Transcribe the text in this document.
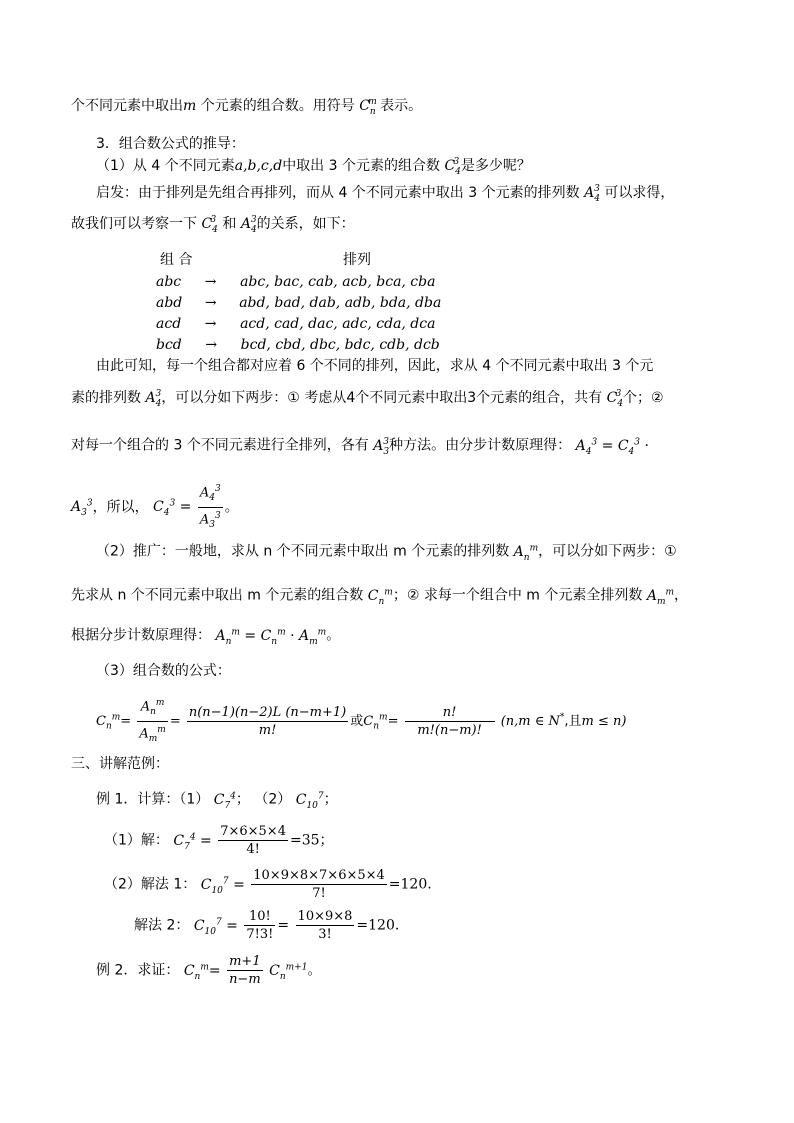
个不同元素中取出m 个元素的组合数。用符号 $C_n$
m 表示。
3．组合数公式的推导：
（1）从 4 个不同元素a,b,c,d中取出 3 个元素的组合数 $C_4$
3 是多少呢？
启发：由于排列是先组合再排列，而从 4 个不同元素中取出 3 个元素的排列数 $A_4$
3 可以求得，
故我们可以考察一下 $C_4$
3 和 $A_4$
3 的关系，如下：
组 合	排列
abc → abc, bac, cab, acb, bca, cba
abd → abd, bad, dab, adb, bda, dba
acd → acd, cad, dac, adc, cda, dca
bcd → bcd, cbd, dbc, bdc, cdb, dcb
由此可知，每一个组合都对应着 6 个不同的排列，因此，求从 4 个不同元素中取出 3 个元
素的排列数 $A_4$
3 ，可以分如下两步：① 考虑从4个不同元素中取出3个元素的组合，共有 $C_4$
3 个；②
对每一个组合的 3 个不同元素进行全排列，各有 $A_3$
3 种方法。由分步计数原理得： $A_4^3 = C_4^3$ ·
$A_3^3$，所以， $C_4^3 = \frac{A_4^3}{A_3^3}$ 。
（2）推广：一般地，求从 n 个不同元素中取出 m 个元素的排列数 $A_n^m$，可以分如下两步：①
先求从 n 个不同元素中取出 m 个元素的组合数 $C_n^m$；② 求每一个组合中 m 个元素全排列数 $A_m^m$，
根据分步计数原理得： $A_n^m = C_n^m \cdot A_m^m$。
（3）组合数的公式：
$C_n^m= \frac{A_n^m}{A_m^m} = \frac{n(n-1)(n-2)L (n-m+1)}{m!}$ 或$C_n^m= \frac{n!}{m!(n-m)!} (n,m$ ∈ N*,且m ≤ n)
三、讲解范例：
例 1．计算：（1） $C_7^4$； （2） $C_{10}^7$；
（1）解： $C_7^4 = \frac{7\times 6\times 5\times 4}{4!} =35$；
（2）解法 1： $C_{10}^7 = \frac{10\times 9\times 8\times 7\times 6\times 5\times 4}{7!} =120$.
解法 2： $C_{10}^7 = \frac{10!}{7!3!} = \frac{10\times 9\times 8}{3!} =120$.
例 2．求证： $C_n^m= \frac{m+1}{n-m} C_n^{m+1}$。
